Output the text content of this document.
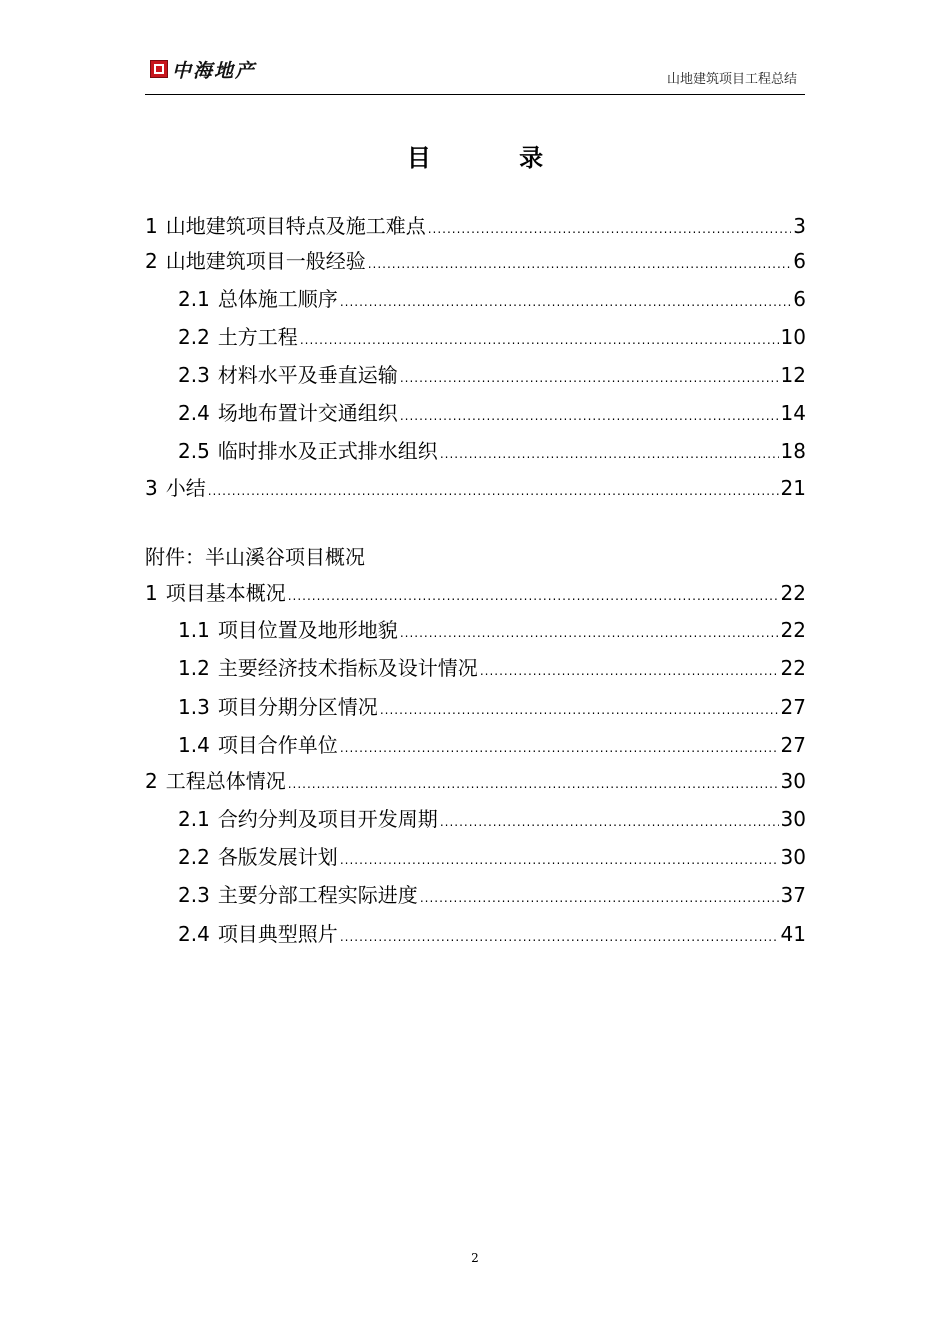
中海地产	山地建筑项目工程总结
目 录
1 山地建筑项目特点及施工难点 .....	3
2 山地建筑项目一般经验 .....	6
2.1 总体施工顺序 .....	6
2.2 土方工程 .....	10
2.3 材料水平及垂直运输 .....	12
2.4 场地布置计交通组织 .....	14
2.5 临时排水及正式排水组织 .....	18
3 小结 .....	21
1 项目基本概况 .....	22
1.1 项目位置及地形地貌 .....	22
1.2 主要经济技术指标及设计情况 .....	22
1.3 项目分期分区情况 .....	27
1.4 项目合作单位 .....	27
2 工程总体情况 .....	30
2.1 合约分判及项目开发周期 .....	30
2.2 各版发展计划 .....	30
2.3 主要分部工程实际进度 .....	37
2.4 项目典型照片 .....	41
附件：半山溪谷项目概况
2
